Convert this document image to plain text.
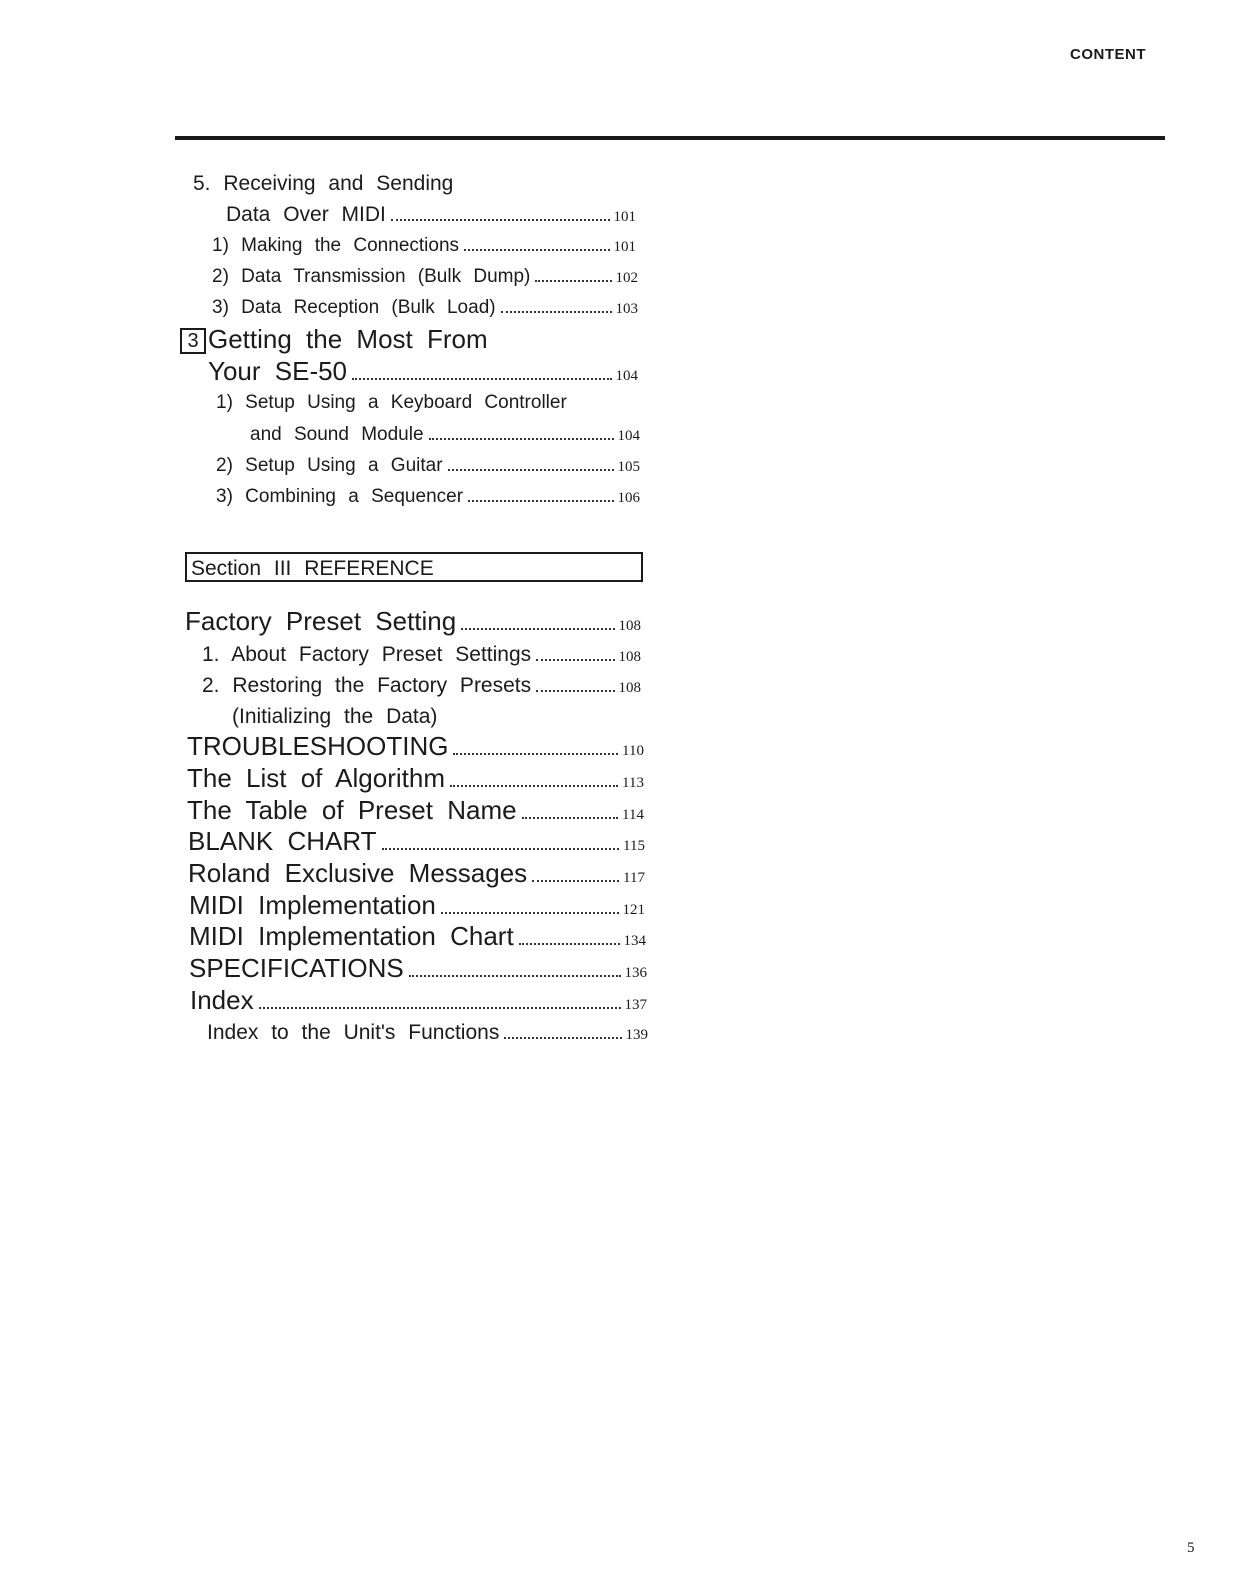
CONTENT
5. Receiving and Sending
Data Over MIDI	101
1) Making the Connections	101
2) Data Transmission (Bulk Dump)	102
3) Data Reception (Bulk Load)	103
3 Getting the Most From
Your SE-50	104
1) Setup Using a Keyboard Controller
and Sound Module	104
2) Setup Using a Guitar	105
3) Combining a Sequencer	106
Section III REFERENCE
Factory Preset Setting	108
1. About Factory Preset Settings	108
2. Restoring the Factory Presets	108
(Initializing the Data)
TROUBLESHOOTING	110
The List of Algorithm	113
The Table of Preset Name	114
BLANK CHART	115
Roland Exclusive Messages	117
MIDI Implementation	121
MIDI Implementation Chart	134
SPECIFICATIONS	136
Index	137
Index to the Unit's Functions	139
5
